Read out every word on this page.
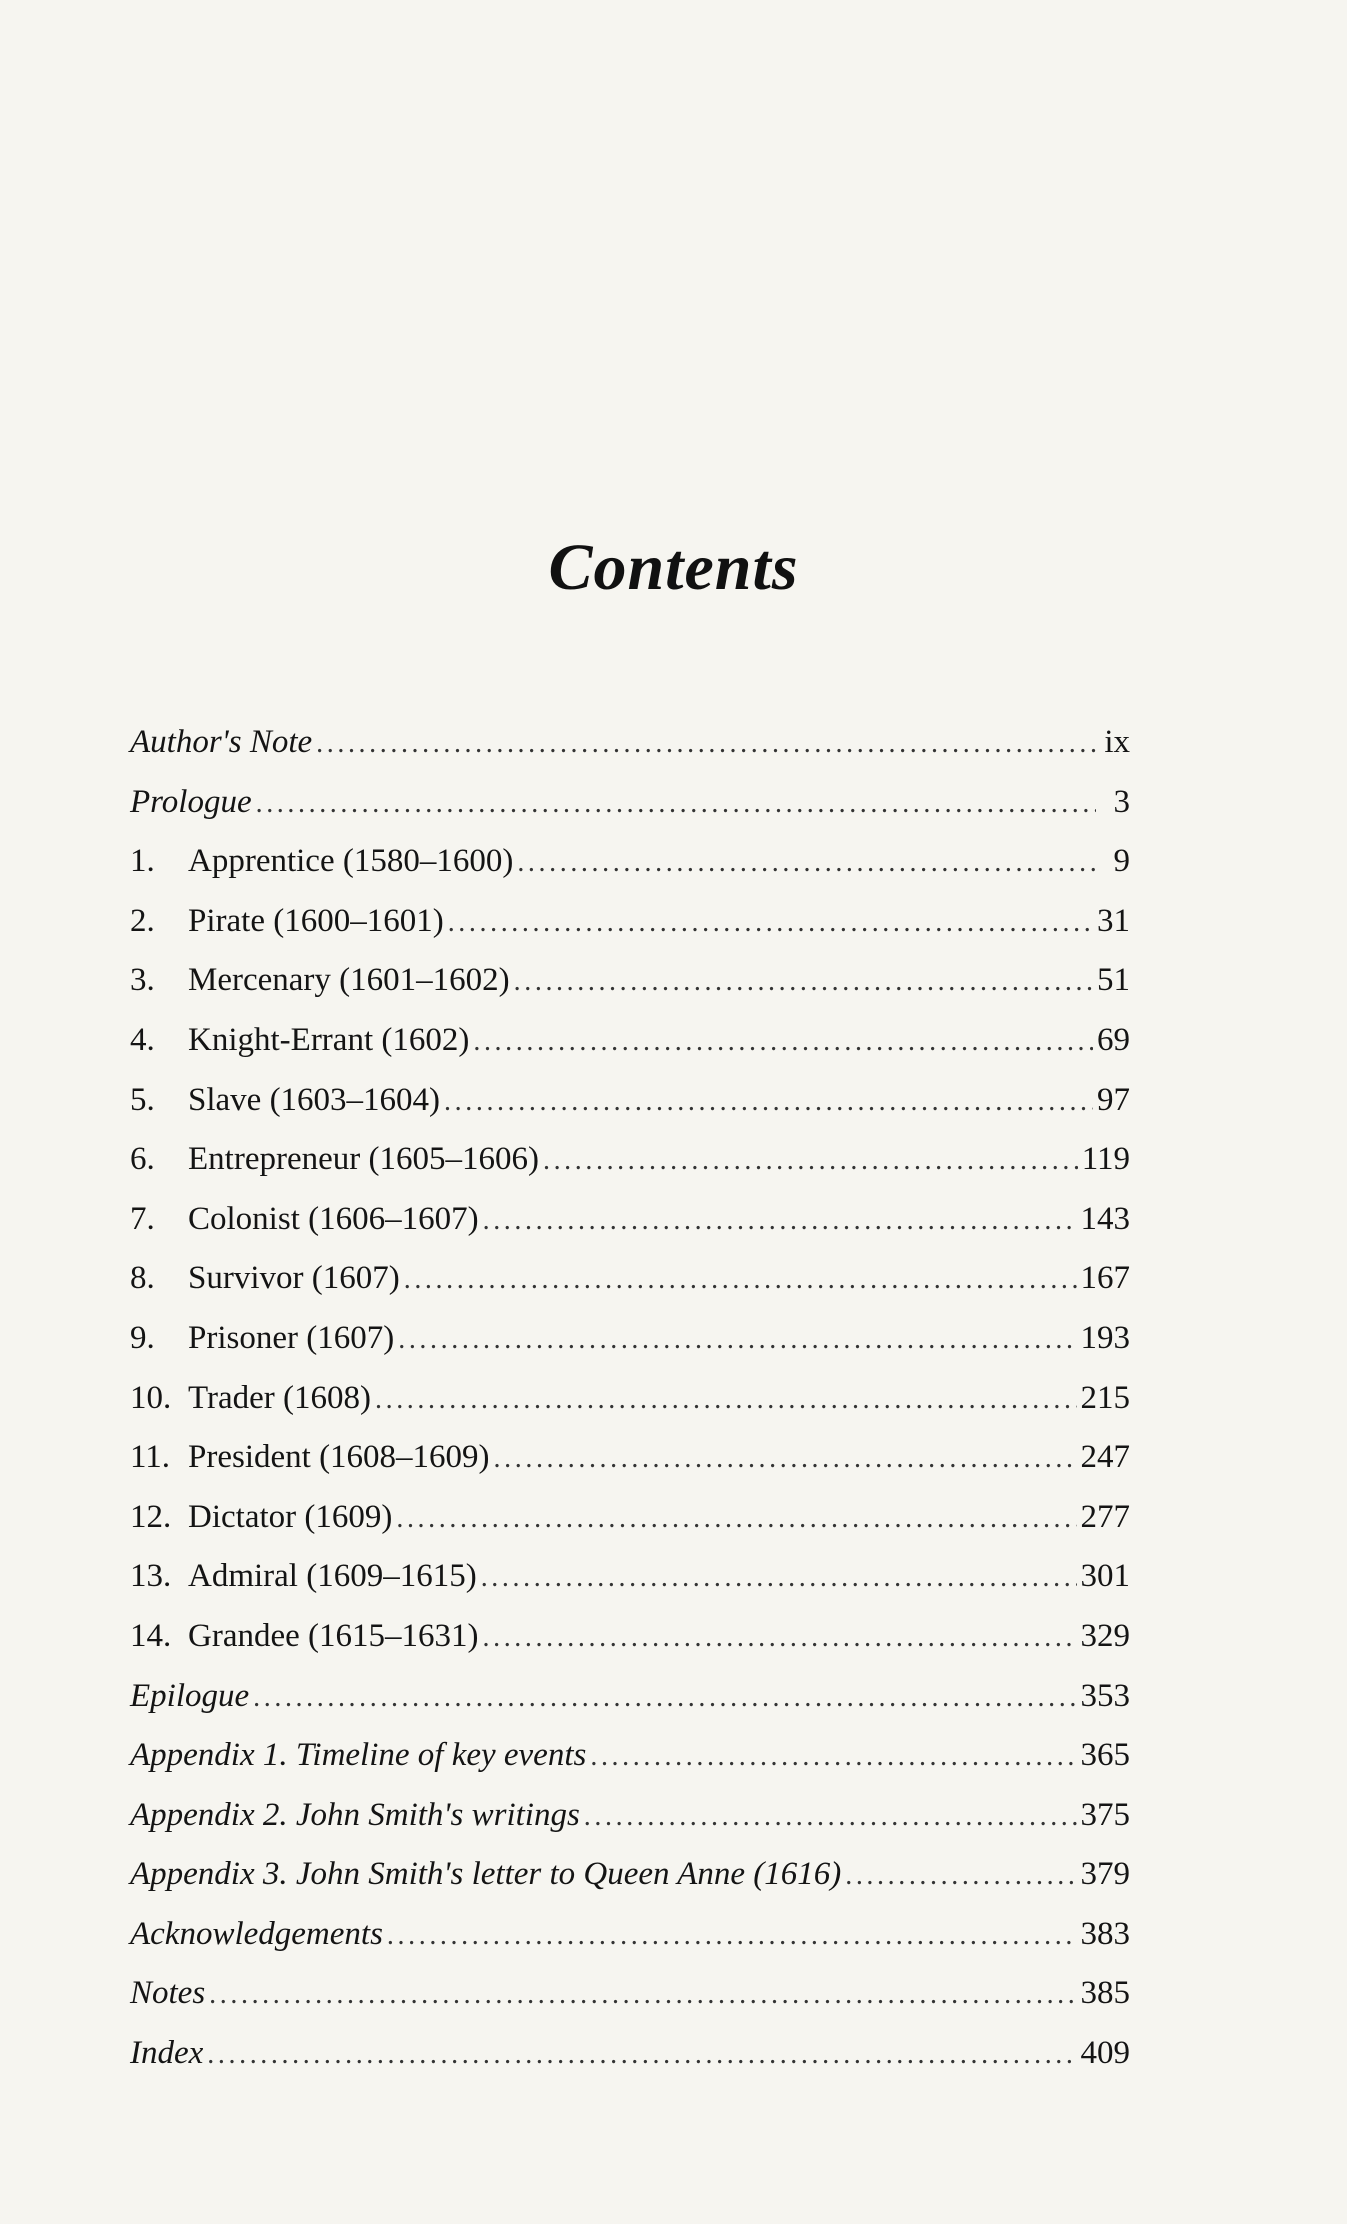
Contents
Author's Note .....	ix
Prologue .....	3
1.	Apprentice (1580–1600) .....	9
2.	Pirate (1600–1601) .....	31
3.	Mercenary (1601–1602) .....	51
4.	Knight-Errant (1602) .....	69
5.	Slave (1603–1604) .....	97
6.	Entrepreneur (1605–1606) .....	119
7.	Colonist (1606–1607) .....	143
8.	Survivor (1607) .....	167
9.	Prisoner (1607) .....	193
10. Trader (1608) .....	215
11. President (1608–1609) .....	247
12. Dictator (1609) .....	277
13. Admiral (1609–1615) .....	301
14. Grandee (1615–1631) .....	329
Epilogue .....	353
Appendix 1. Timeline of key events .....	365
Appendix 2. John Smith's writings .....	375
Appendix 3. John Smith's letter to Queen Anne (1616) .....	379
Acknowledgements .....	383
Notes .....	385
Index .....	409
